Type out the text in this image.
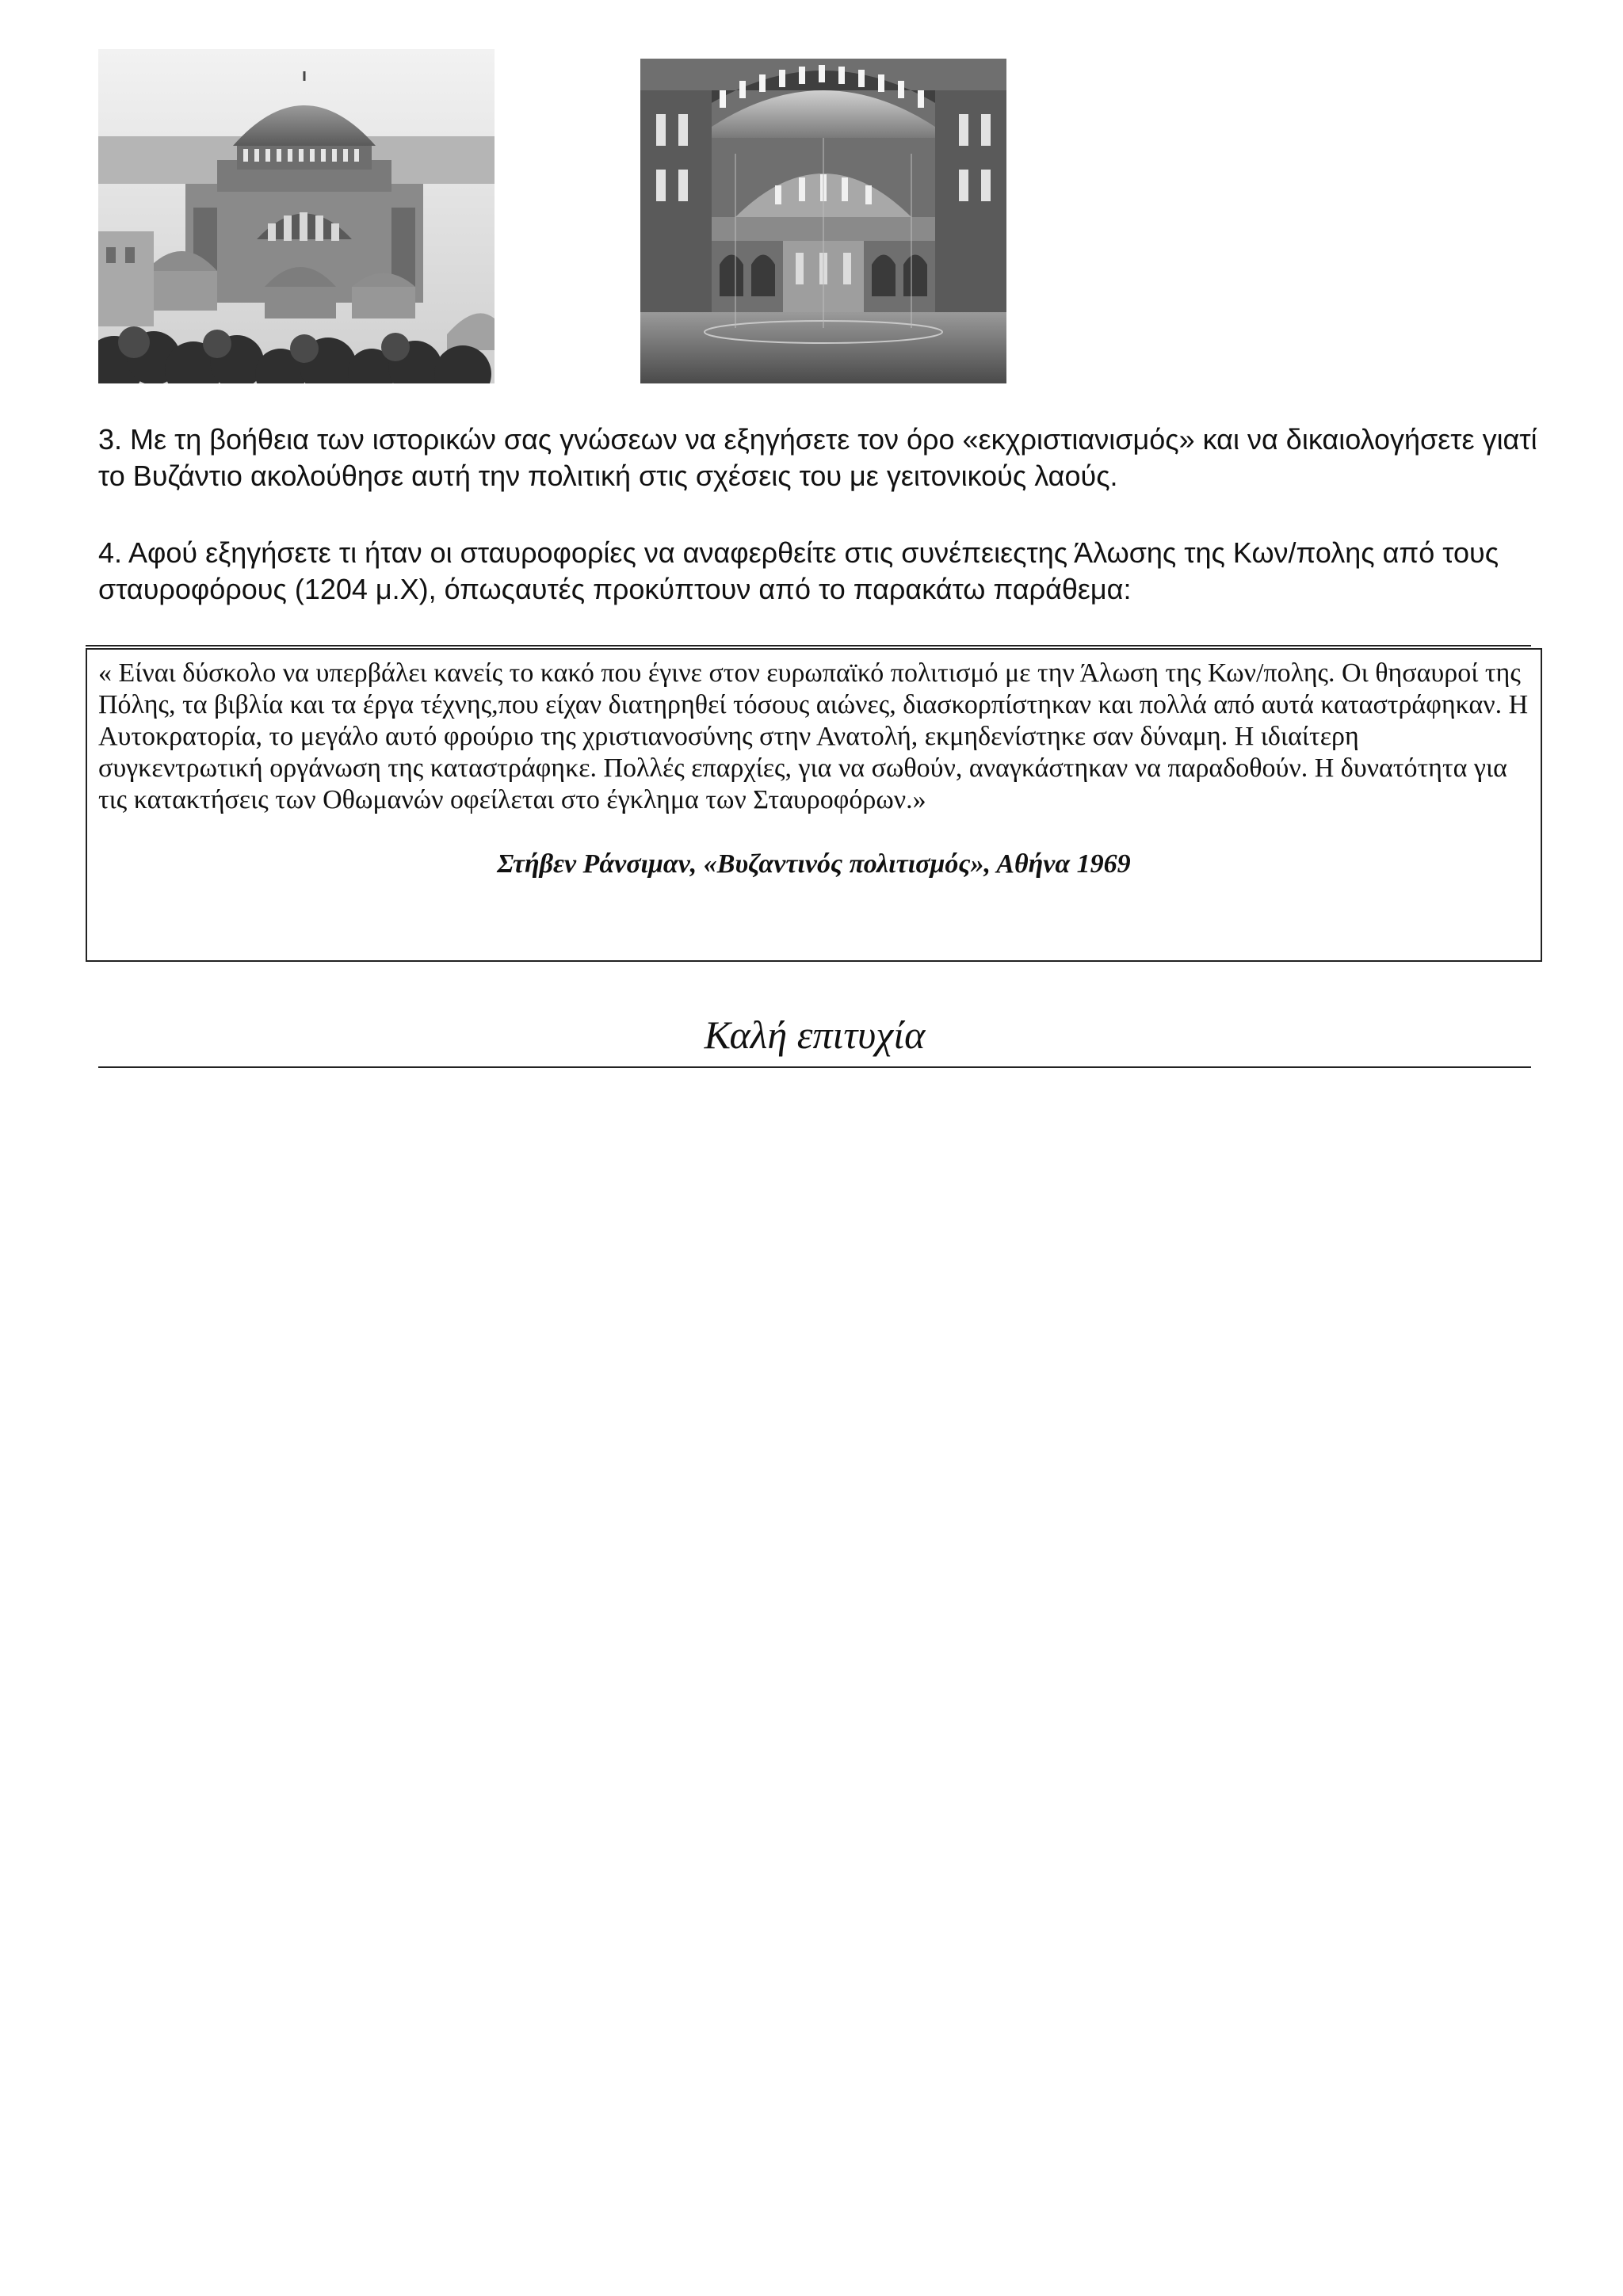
3. Με τη βοήθεια των ιστορικών σας γνώσεων να εξηγήσετε τον όρο «εκχριστιανισμός» και να δικαιολογήσετε γιατί το Βυζάντιο ακολούθησε αυτή την πολιτική στις σχέσεις του με γειτονικούς λαούς.

4. Αφού εξηγήσετε τι ήταν οι σταυροφορίες να αναφερθείτε στις συνέπειεςτης Άλωσης της Κων/πολης από τους σταυροφόρους (1204 μ.Χ), όπωςαυτές προκύπτουν από το παρακάτω παράθεμα:

« Είναι δύσκολο να υπερβάλει κανείς το κακό που έγινε στον ευρωπαϊκό πολιτισμό με την Άλωση της Κων/πολης. Οι θησαυροί της Πόλης, τα βιβλία και τα έργα τέχνης,που είχαν διατηρηθεί τόσους αιώνες, διασκορπίστηκαν και πολλά από αυτά καταστράφηκαν. Η Αυτοκρατορία, το μεγάλο αυτό φρούριο της χριστιανοσύνης στην Ανατολή, εκμηδενίστηκε σαν δύναμη. Η ιδιαίτερη συγκεντρωτική οργάνωση της καταστράφηκε. Πολλές επαρχίες, για να σωθούν, αναγκάστηκαν να παραδοθούν. Η δυνατότητα για τις κατακτήσεις των Οθωμανών οφείλεται στο έγκλημα των Σταυροφόρων.»

Στήβεν Ράνσιμαν, «Βυζαντινός πολιτισμός», Αθήνα 1969

Καλή επιτυχία
